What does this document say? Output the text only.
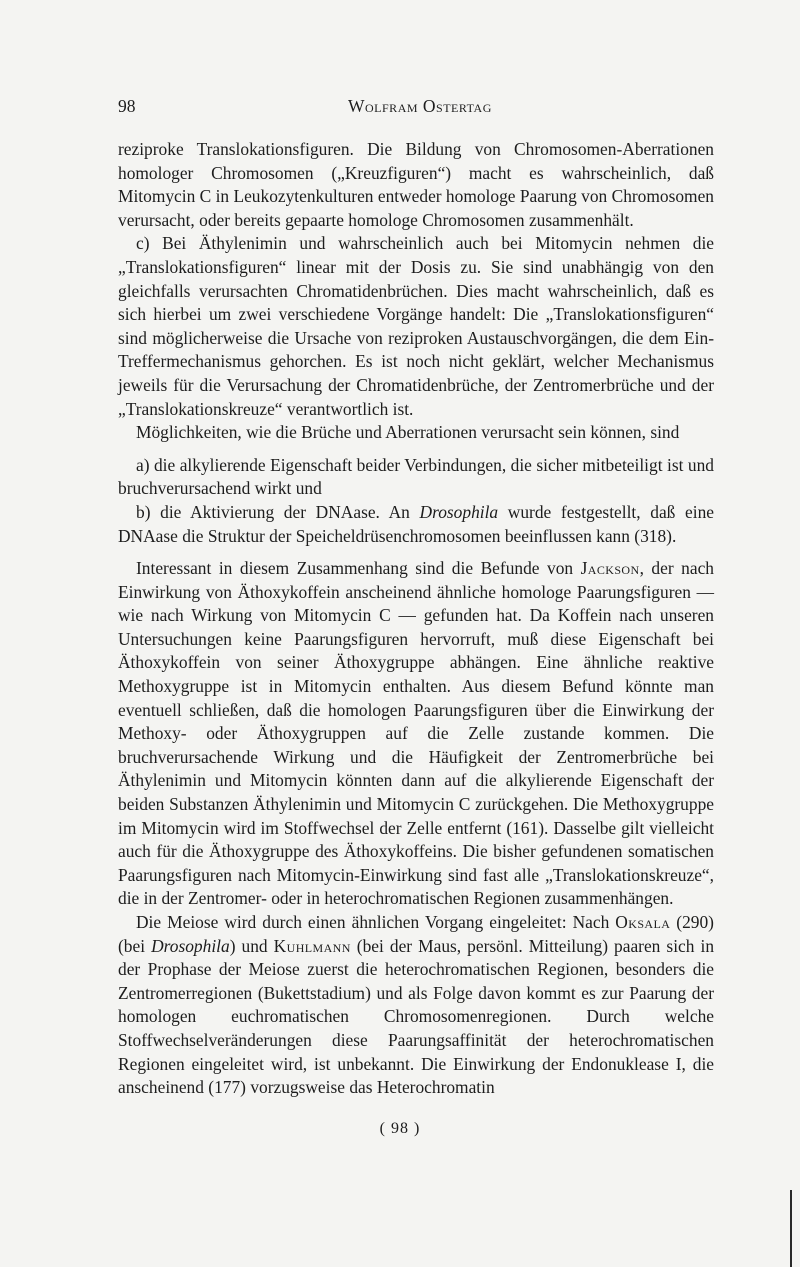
98	Wolfram Ostertag

reziproke Translokationsfiguren. Die Bildung von Chromosomen-Aberrationen homologer Chromosomen („Kreuzfiguren“) macht es wahrscheinlich, daß Mitomycin C in Leukozytenkulturen entweder homologe Paarung von Chromosomen verursacht, oder bereits gepaarte homologe Chromosomen zusammenhält.

c) Bei Äthylenimin und wahrscheinlich auch bei Mitomycin nehmen die „Translokationsfiguren“ linear mit der Dosis zu. Sie sind unabhängig von den gleichfalls verursachten Chromatidenbrüchen. Dies macht wahrscheinlich, daß es sich hierbei um zwei verschiedene Vorgänge handelt: Die „Translokationsfiguren“ sind möglicherweise die Ursache von reziproken Austauschvorgängen, die dem Ein-Treffermechanismus gehorchen. Es ist noch nicht geklärt, welcher Mechanismus jeweils für die Verursachung der Chromatidenbrüche, der Zentromerbrüche und der „Translokationskreuze“ verantwortlich ist.

Möglichkeiten, wie die Brüche und Aberrationen verursacht sein können, sind

a) die alkylierende Eigenschaft beider Verbindungen, die sicher mitbeteiligt ist und bruchverursachend wirkt und

b) die Aktivierung der DNAase. An Drosophila wurde festgestellt, daß eine DNAase die Struktur der Speicheldrüsenchromosomen beeinflussen kann (318).

Interessant in diesem Zusammenhang sind die Befunde von Jackson, der nach Einwirkung von Äthoxykoffein anscheinend ähnliche homologe Paarungsfiguren — wie nach Wirkung von Mitomycin C — gefunden hat. Da Koffein nach unseren Untersuchungen keine Paarungsfiguren hervorruft, muß diese Eigenschaft bei Äthoxykoffein von seiner Äthoxygruppe abhängen. Eine ähnliche reaktive Methoxygruppe ist in Mitomycin enthalten. Aus diesem Befund könnte man eventuell schließen, daß die homologen Paarungsfiguren über die Einwirkung der Methoxy- oder Äthoxygruppen auf die Zelle zustande kommen. Die bruchverursachende Wirkung und die Häufigkeit der Zentromerbrüche bei Äthylenimin und Mitomycin könnten dann auf die alkylierende Eigenschaft der beiden Substanzen Äthylenimin und Mitomycin C zurückgehen. Die Methoxygruppe im Mitomycin wird im Stoffwechsel der Zelle entfernt (161). Dasselbe gilt vielleicht auch für die Äthoxygruppe des Äthoxykoffeins. Die bisher gefundenen somatischen Paarungsfiguren nach Mitomycin-Einwirkung sind fast alle „Translokationskreuze“, die in der Zentromer- oder in heterochromatischen Regionen zusammenhängen.

Die Meiose wird durch einen ähnlichen Vorgang eingeleitet: Nach Oksala (290) (bei Drosophila) und Kuhlmann (bei der Maus, persönl. Mitteilung) paaren sich in der Prophase der Meiose zuerst die heterochromatischen Regionen, besonders die Zentromerregionen (Bukettstadium) und als Folge davon kommt es zur Paarung der homologen euchromatischen Chromosomenregionen. Durch welche Stoffwechselveränderungen diese Paarungsaffinität der heterochromatischen Regionen eingeleitet wird, ist unbekannt. Die Einwirkung der Endonuklease I, die anscheinend (177) vorzugsweise das Heterochromatin

( 98 )
